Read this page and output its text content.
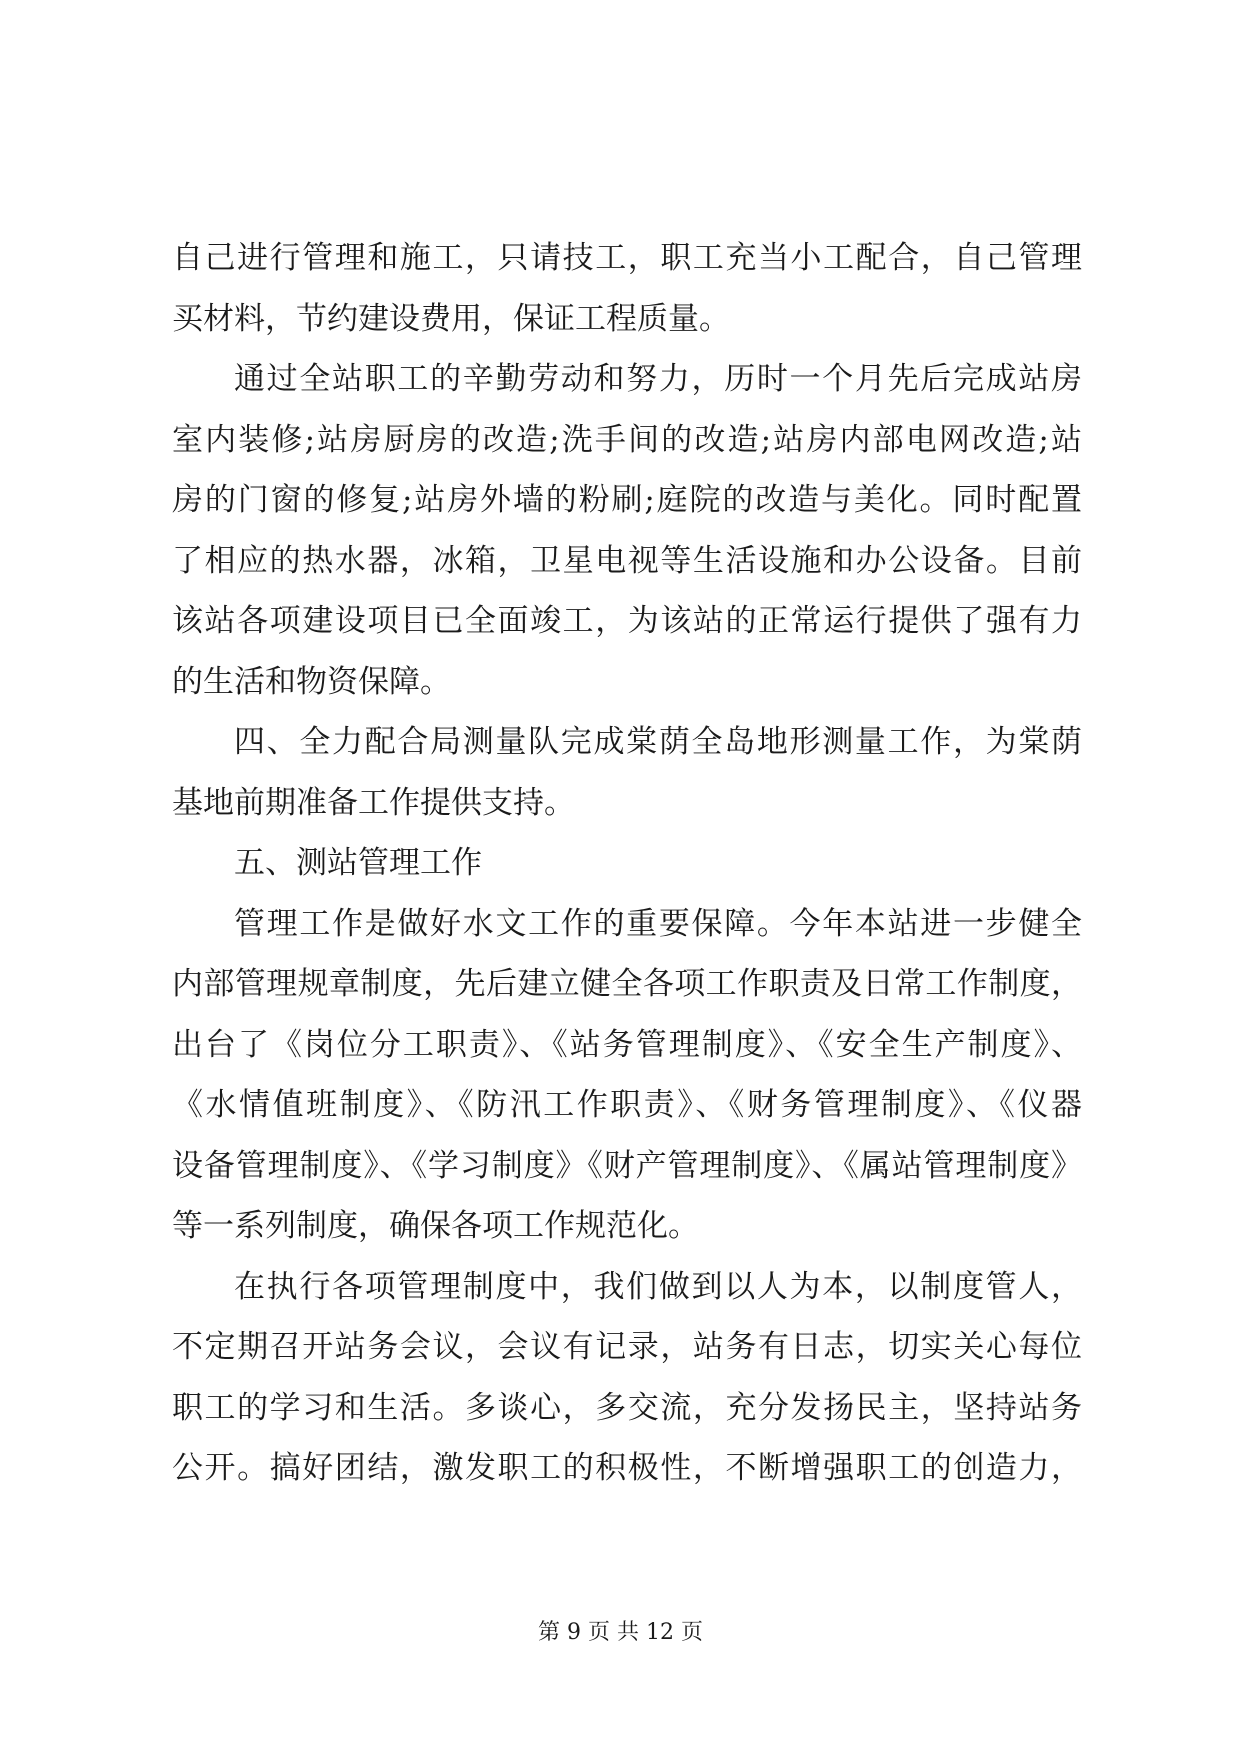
自己进行管理和施工，只请技工，职工充当小工配合，自己管理
买材料，节约建设费用，保证工程质量。
通过全站职工的辛勤劳动和努力，历时一个月先后完成站房
室内装修;站房厨房的改造;洗手间的改造;站房内部电网改造;站
房的门窗的修复;站房外墙的粉刷;庭院的改造与美化。同时配置
了相应的热水器，冰箱，卫星电视等生活设施和办公设备。目前
该站各项建设项目已全面竣工，为该站的正常运行提供了强有力
的生活和物资保障。
四、全力配合局测量队完成棠荫全岛地形测量工作，为棠荫
基地前期准备工作提供支持。
五、测站管理工作
管理工作是做好水文工作的重要保障。今年本站进一步健全
内部管理规章制度，先后建立健全各项工作职责及日常工作制度，
出台了《岗位分工职责》、《站务管理制度》、《安全生产制度》、
《水情值班制度》、《防汛工作职责》、《财务管理制度》、《仪器
设备管理制度》、《学习制度》《财产管理制度》、《属站管理制度》
等一系列制度，确保各项工作规范化。
在执行各项管理制度中，我们做到以人为本，以制度管人，
不定期召开站务会议，会议有记录，站务有日志，切实关心每位
职工的学习和生活。多谈心，多交流，充分发扬民主，坚持站务
公开。搞好团结，激发职工的积极性，不断增强职工的创造力，
第 9 页 共 12 页
